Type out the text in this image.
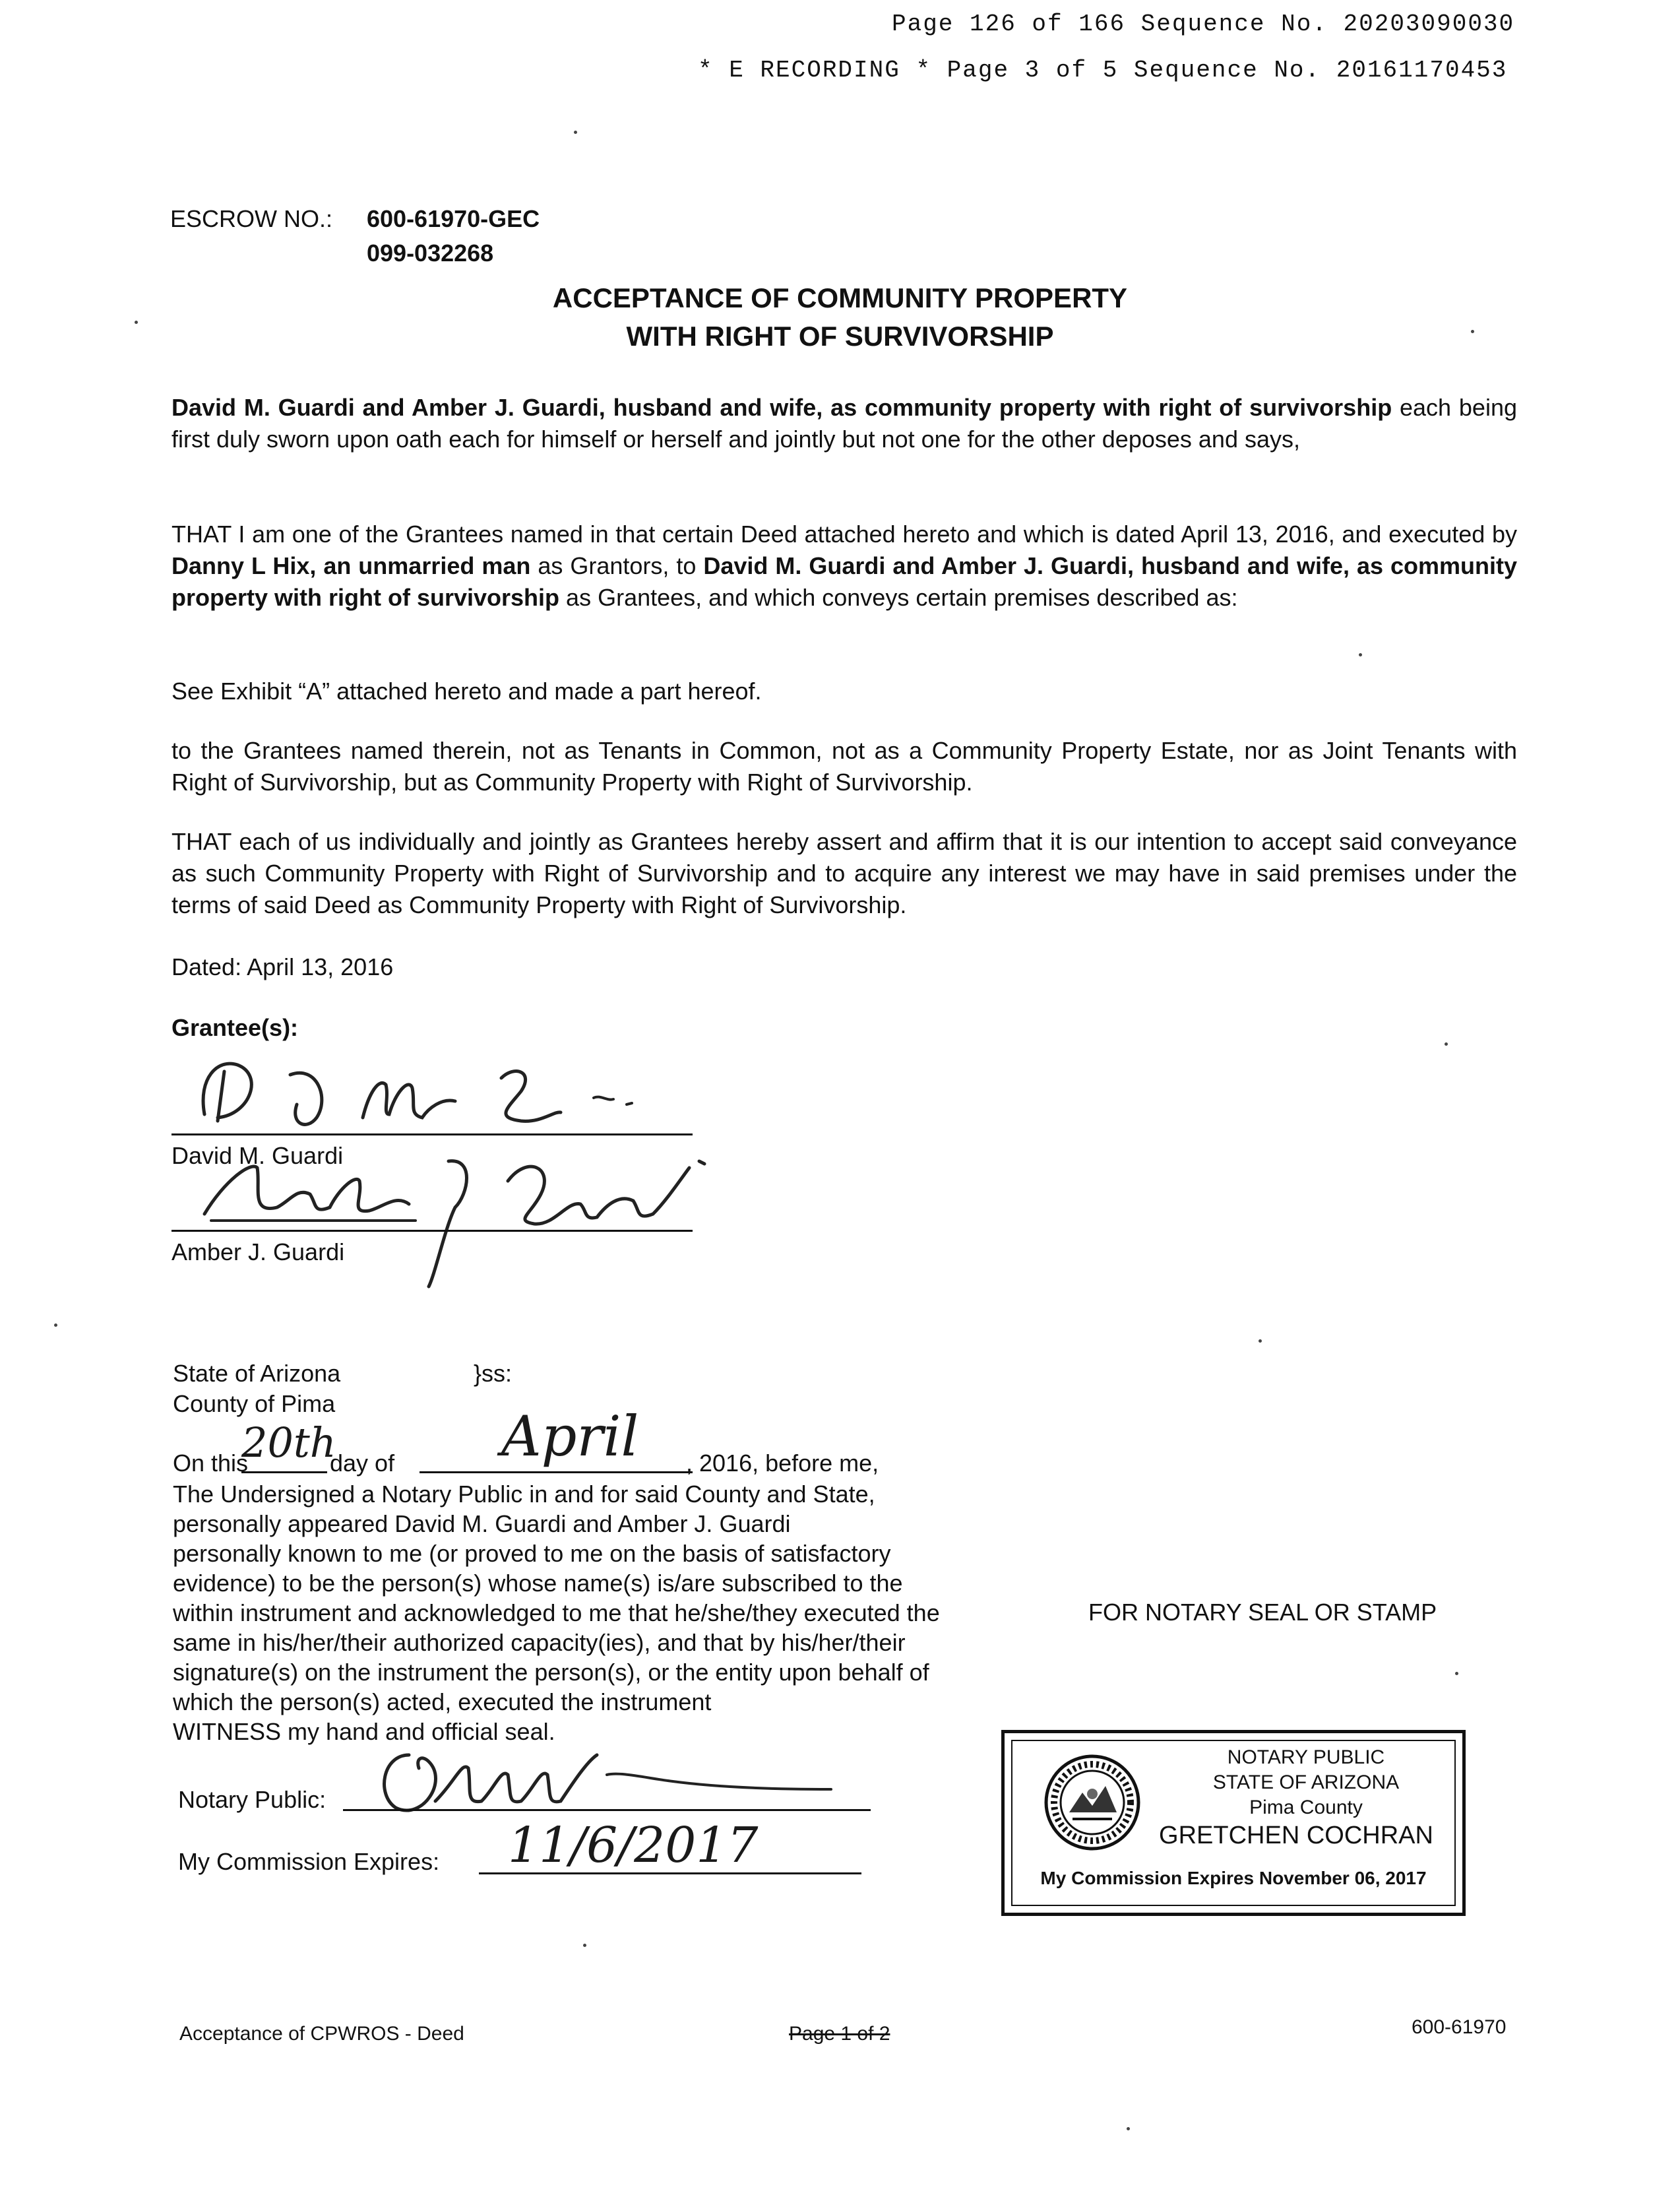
Page 126 of 166 Sequence No. 20203090030
* E RECORDING * Page 3 of 5 Sequence No. 20161170453
ESCROW NO.: 600-61970-GEC
099-032268
ACCEPTANCE OF COMMUNITY PROPERTY
WITH RIGHT OF SURVIVORSHIP
David M. Guardi and Amber J. Guardi, husband and wife, as community property with right of survivorship each being first duly sworn upon oath each for himself or herself and jointly but not one for the other deposes and says,
THAT I am one of the Grantees named in that certain Deed attached hereto and which is dated April 13, 2016, and executed by Danny L Hix, an unmarried man as Grantors, to David M. Guardi and Amber J. Guardi, husband and wife, as community property with right of survivorship as Grantees, and which conveys certain premises described as:
See Exhibit “A” attached hereto and made a part hereof.
to the Grantees named therein, not as Tenants in Common, not as a Community Property Estate, nor as Joint Tenants with Right of Survivorship, but as Community Property with Right of Survivorship.
THAT each of us individually and jointly as Grantees hereby assert and affirm that it is our intention to accept said conveyance as such Community Property with Right of Survivorship and to acquire any interest we may have in said premises under the terms of said Deed as Community Property with Right of Survivorship.
Dated: April 13, 2016
Grantee(s):
David M. Guardi
Amber J. Guardi
State of Arizona	}ss:
County of Pima
On this
20th
day of April , 2016, before me,
The Undersigned a Notary Public in and for said County and State,
personally appeared David M. Guardi and Amber J. Guardi
personally known to me (or proved to me on the basis of satisfactory
evidence) to be the person(s) whose name(s) is/are subscribed to the
within instrument and acknowledged to me that he/she/they executed the
same in his/her/their authorized capacity(ies), and that by his/her/their
signature(s) on the instrument the person(s), or the entity upon behalf of
which the person(s) acted, executed the instrument
WITNESS my hand and official seal.
FOR NOTARY SEAL OR STAMP
Notary Public:
My Commission Expires: 11/6/2017
NOTARY PUBLIC
STATE OF ARIZONA
Pima County
GRETCHEN COCHRAN
My Commission Expires November 06, 2017
Acceptance of CPWROS - Deed	Page 1 of 2	600-61970
